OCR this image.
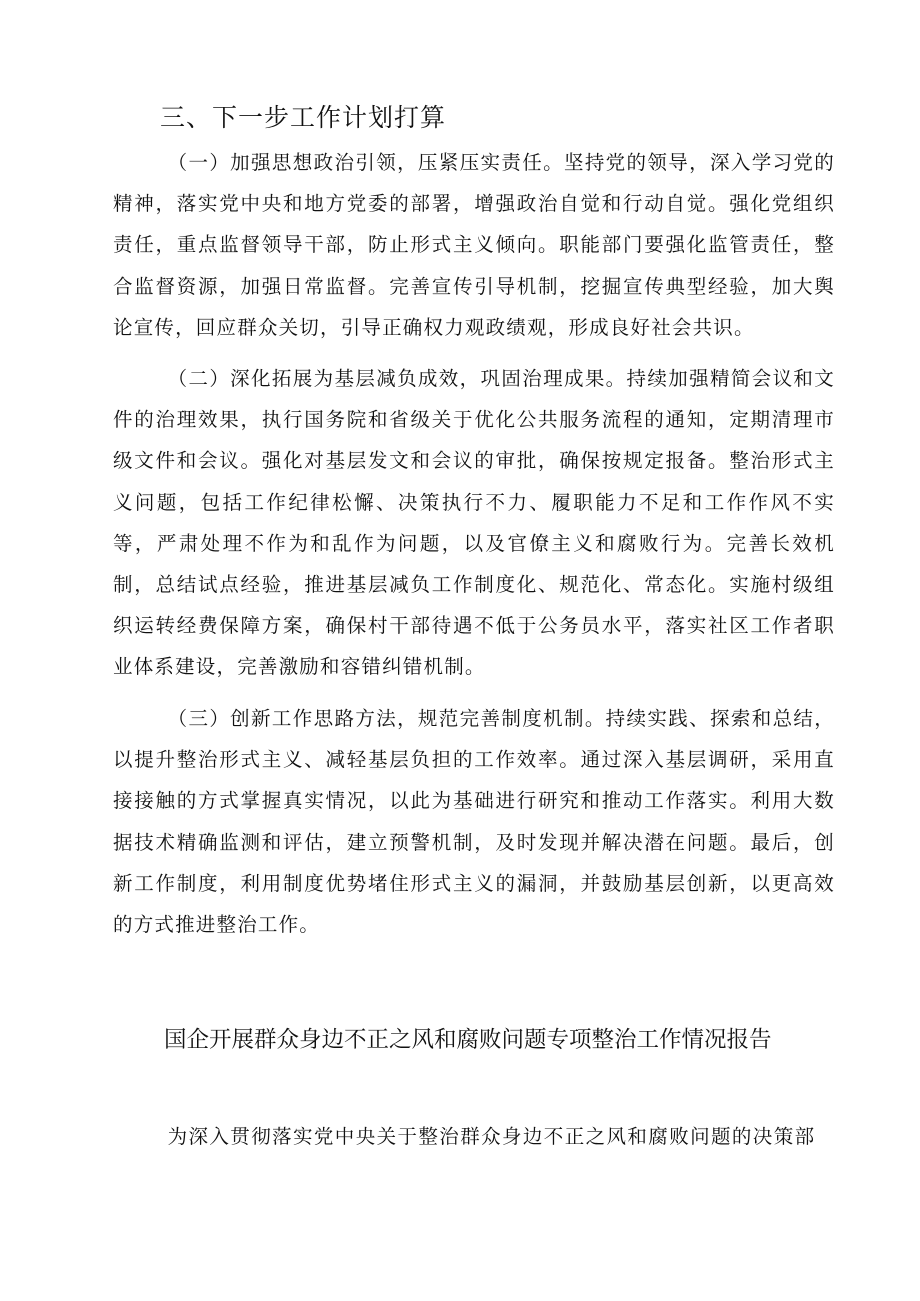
三、下一步工作计划打算

（一）加强思想政治引领，压紧压实责任。坚持党的领导，深入学习党的精神，落实党中央和地方党委的部署，增强政治自觉和行动自觉。强化党组织责任，重点监督领导干部，防止形式主义倾向。职能部门要强化监管责任，整合监督资源，加强日常监督。完善宣传引导机制，挖掘宣传典型经验，加大舆论宣传，回应群众关切，引导正确权力观政绩观，形成良好社会共识。

（二）深化拓展为基层减负成效，巩固治理成果。持续加强精简会议和文件的治理效果，执行国务院和省级关于优化公共服务流程的通知，定期清理市级文件和会议。强化对基层发文和会议的审批，确保按规定报备。整治形式主义问题，包括工作纪律松懈、决策执行不力、履职能力不足和工作作风不实等，严肃处理不作为和乱作为问题，以及官僚主义和腐败行为。完善长效机制，总结试点经验，推进基层减负工作制度化、规范化、常态化。实施村级组织运转经费保障方案，确保村干部待遇不低于公务员水平，落实社区工作者职业体系建设，完善激励和容错纠错机制。

（三）创新工作思路方法，规范完善制度机制。持续实践、探索和总结，以提升整治形式主义、减轻基层负担的工作效率。通过深入基层调研，采用直接接触的方式掌握真实情况，以此为基础进行研究和推动工作落实。利用大数据技术精确监测和评估，建立预警机制，及时发现并解决潜在问题。最后，创新工作制度，利用制度优势堵住形式主义的漏洞，并鼓励基层创新，以更高效的方式推进整治工作。

国企开展群众身边不正之风和腐败问题专项整治工作情况报告

为深入贯彻落实党中央关于整治群众身边不正之风和腐败问题的决策部
